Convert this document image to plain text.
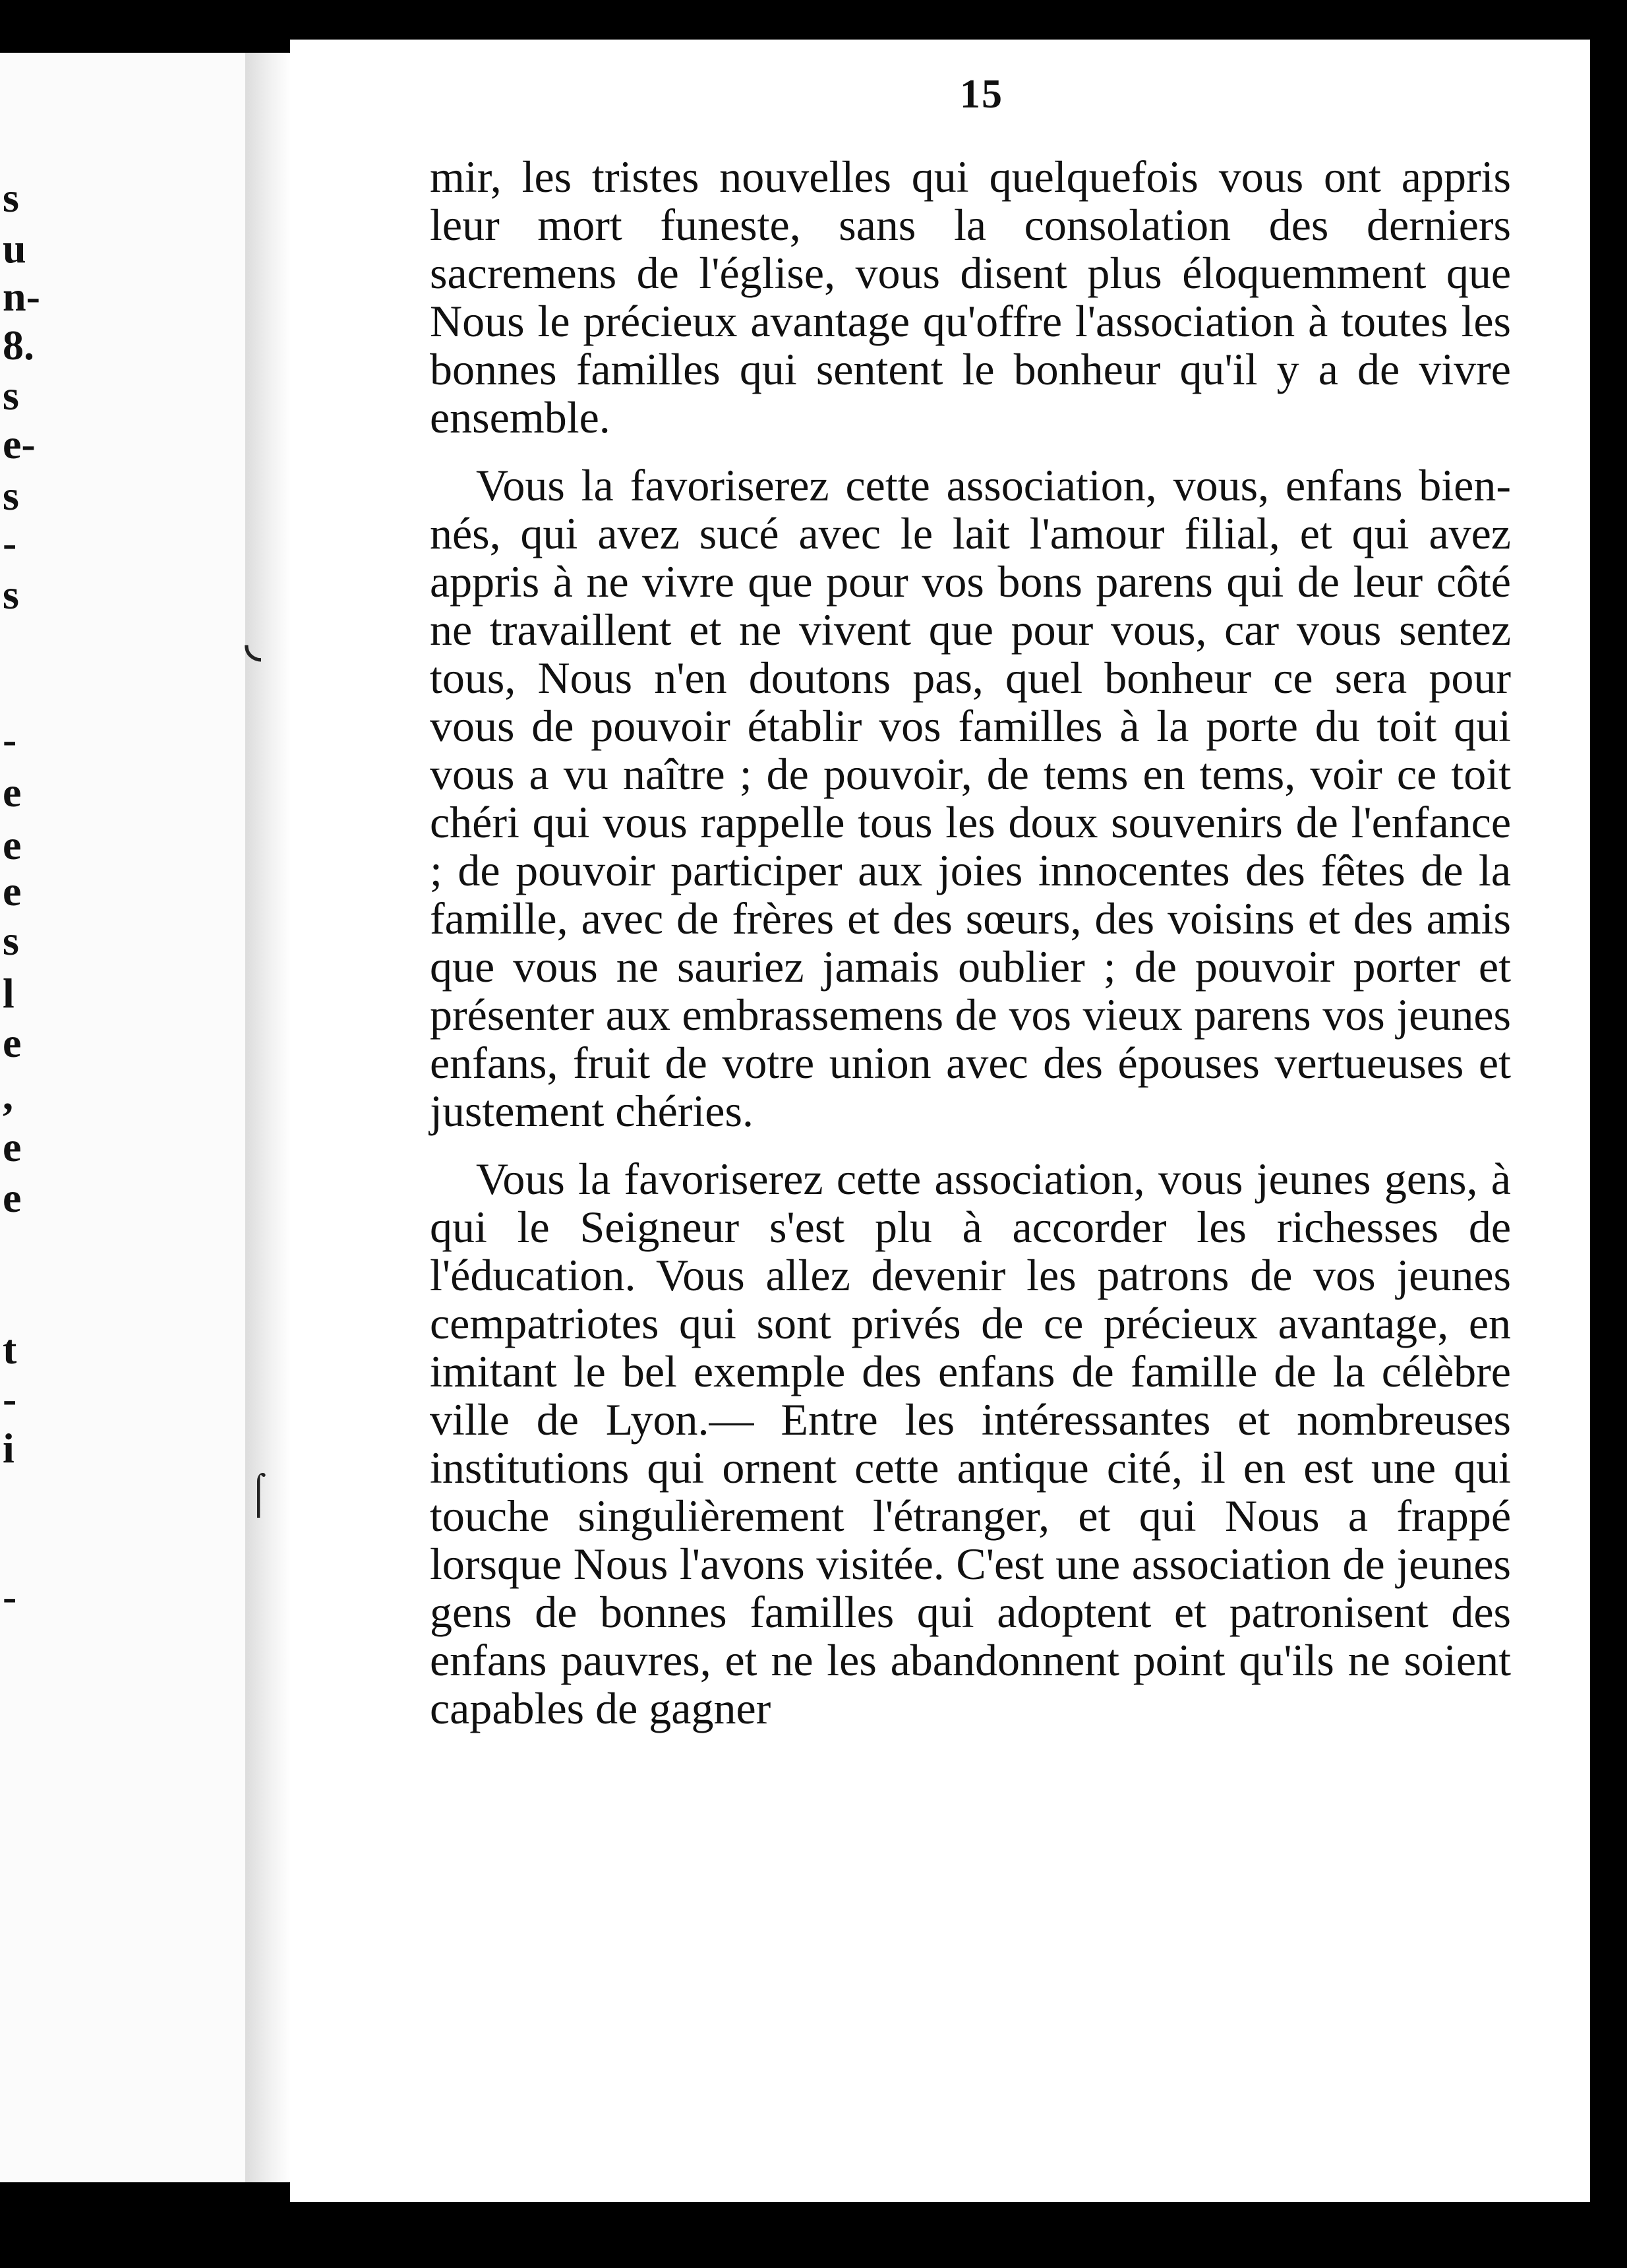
s
u
n-
8.
s
e-
s
-
s
-
e
e
e
s
l
e
,
e
e
t
-
i
-
◟
⌠
15

mir, les tristes nouvelles qui quelquefois vous ont appris leur mort funeste, sans la consolation des derniers sacremens de l'église, vous disent plus éloquemment que Nous le précieux avantage qu'offre l'association à toutes les bonnes familles qui sentent le bonheur qu'il y a de vivre ensemble.

Vous la favoriserez cette association, vous, enfans bien-nés, qui avez sucé avec le lait l'amour filial, et qui avez appris à ne vivre que pour vos bons parens qui de leur côté ne travaillent et ne vivent que pour vous, car vous sentez tous, Nous n'en doutons pas, quel bonheur ce sera pour vous de pouvoir établir vos familles à la porte du toit qui vous a vu naître ; de pouvoir, de tems en tems, voir ce toit chéri qui vous rappelle tous les doux souvenirs de l'enfance ; de pouvoir participer aux joies innocentes des fêtes de la famille, avec de frères et des sœurs, des voisins et des amis que vous ne sauriez jamais oublier ; de pouvoir porter et présenter aux embrassemens de vos vieux parens vos jeunes enfans, fruit de votre union avec des épouses vertueuses et justement chéries.

Vous la favoriserez cette association, vous jeunes gens, à qui le Seigneur s'est plu à accorder les richesses de l'éducation. Vous allez devenir les patrons de vos jeunes cempatriotes qui sont privés de ce précieux avantage, en imitant le bel exemple des enfans de famille de la célèbre ville de Lyon.— Entre les intéressantes et nombreuses institutions qui ornent cette antique cité, il en est une qui touche singulièrement l'étranger, et qui Nous a frappé lorsque Nous l'avons visitée. C'est une association de jeunes gens de bonnes familles qui adoptent et patronisent des enfans pauvres, et ne les abandonnent point qu'ils ne soient capables de gagner
